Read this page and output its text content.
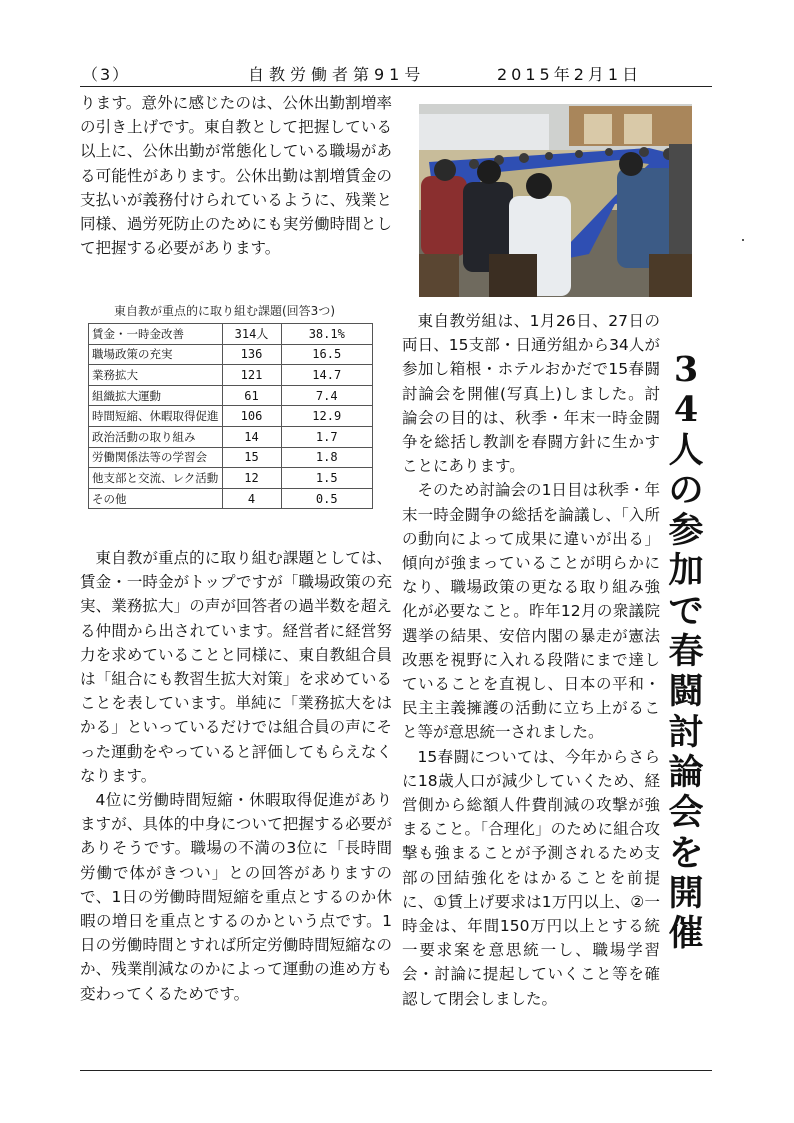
（3）	自教労働者第91号	2015年2月1日

ります。意外に感じたのは、公休出勤割増率の引き上げです。東自教として把握している以上に、公休出勤が常態化している職場がある可能性があります。公休出勤は割増賃金の支払いが義務付けられているように、残業と同様、過労死防止のためにも実労働時間として把握する必要があります。

東自教が重点的に取り組む課題(回答3つ)
賃金・一時金改善	314人	38.1%
職場政策の充実	136	16.5
業務拡大	121	14.7
組織拡大運動	61	7.4
時間短縮、休暇取得促進	106	12.9
政治活動の取り組み	14	1.7
労働関係法等の学習会	15	1.8
他支部と交流、レク活動	12	1.5
その他	4	0.5

東自教が重点的に取り組む課題としては、賃金・一時金がトップですが「職場政策の充実、業務拡大」の声が回答者の過半数を超える仲間から出されています。経営者に経営努力を求めていることと同様に、東自教組合員は「組合にも教習生拡大対策」を求めていることを表しています。単純に「業務拡大をはかる」といっているだけでは組合員の声にそった運動をやっていると評価してもらえなくなります。

4位に労働時間短縮・休暇取得促進がありますが、具体的中身について把握する必要がありそうです。職場の不満の3位に「長時間労働で体がきつい」との回答がありますので、1日の労働時間短縮を重点とするのか休暇の増日を重点とするのかという点です。1日の労働時間とすれば所定労働時間短縮なのか、残業削減なのかによって運動の進め方も変わってくるためです。

東自教労組は、1月26日、27日の両日、15支部・日通労組から34人が参加し箱根・ホテルおかだで15春闘討論会を開催(写真上)しました。討論会の目的は、秋季・年末一時金闘争を総括し教訓を春闘方針に生かすことにあります。

そのため討論会の1日目は秋季・年末一時金闘争の総括を論議し、「入所の動向によって成果に違いが出る」傾向が強まっていることが明らかになり、職場政策の更なる取り組み強化が必要なこと。昨年12月の衆議院選挙の結果、安倍内閣の暴走が憲法改悪を視野に入れる段階にまで達していることを直視し、日本の平和・民主主義擁護の活動に立ち上がること等が意思統一されました。

15春闘については、今年からさらに18歳人口が減少していくため、経営側から総額人件費削減の攻撃が強まること。「合理化」のために組合攻撃も強まることが予測されるため支部の団結強化をはかることを前提に、①賃上げ要求は1万円以上、②一時金は、年間150万円以上とする統一要求案を意思統一し、職場学習会・討論に提起していくこと等を確認して閉会しました。

3
4
人
の
参
加
で
春
闘
討
論
会
を
開
催
